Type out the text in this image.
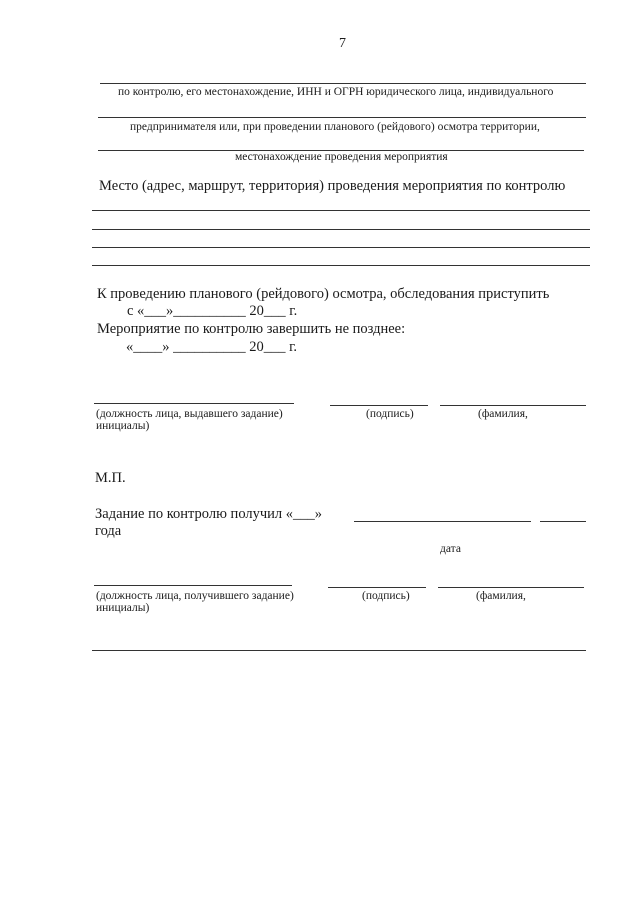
7
по контролю, его местонахождение, ИНН и ОГРН юридического лица, индивидуального
предпринимателя или, при проведении планового (рейдового) осмотра территории,
местонахождение проведения мероприятия
Место (адрес, маршрут, территория) проведения мероприятия по контролю
К проведению планового (рейдового) осмотра, обследования приступить
с «___»__________ 20___ г.
Мероприятие по контролю завершить не позднее:
«____» __________ 20___ г.
(должность лица, выдавшего задание)	(подпись)	(фамилия,
инициалы)
М.П.
Задание по контролю получил «___»
года
дата
(должность лица, получившего задание)	(подпись)	(фамилия,
инициалы)
